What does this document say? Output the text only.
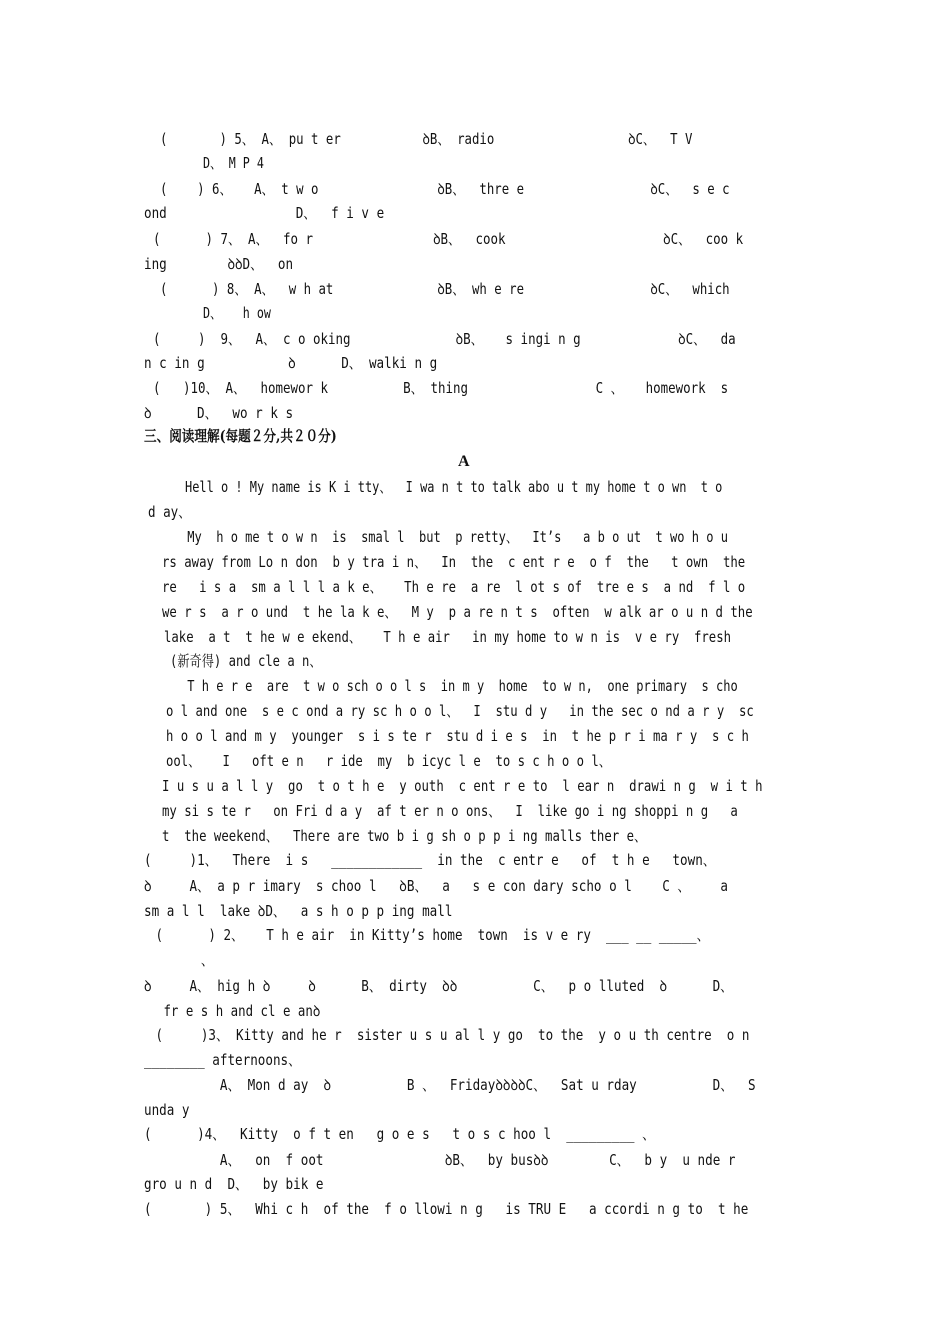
(       ) 5、 A、 pu t er           ꝺB、 radio                  ꝺC、  T V
D、 M P 4
(    ) 6、   A、 t w o                ꝺB、  thre e                 ꝺC、  s e c
ond                 D、  f i v e
(      ) 7、 A、  fo r                ꝺB、  cook                     ꝺC、  coo k
ing        ꝺꝺD、  on
(      ) 8、 A、  w h at              ꝺB、 wh e re                 ꝺC、  which
D、   h ow
(     )  9、  A、 c o oking              ꝺB、   s ingi n g             ꝺC、  da
n c in g           ꝺ      D、 walki n g
(   )10、 A、  homewor k          B、 thing                 C 、   homework  s
ꝺ      D、  wo r k s
三、阅读理解(每题２分,共２０分)
A
Hell o ! My name is K i tty、  I wa n t to talk abo u t my home t o wn  t o
d ay、
My  h o me t o w n  is  smal l  but  p retty、  It’s   a b o ut  t wo h o u
rs away from Lo n don  b y tra i n、  In  the  c ent r e  o f  the   t own  the
re   i s a  sm a l l l a k e、   Th e re  a re  l ot s of  tre e s  a nd  f l o
we r s  a r o und  t he la k e、  M y  p a re n t s  often  w alk ar o u n d the
lake  a t  t he w e ekend、   T h e air   in my home to w n is  v e ry  fresh
(新奇得) and cle a n、
T h e r e  are  t w o sch o o l s  in m y  home  to w n,  one primary  s cho
o l and one  s e c ond a ry sc h o o l、  I  stu d y   in the sec o nd a r y  sc
h o o l and m y  younger  s i s te r  stu d i e s  in  t he p r i ma r y  s c h
ool、   I   oft e n   r ide  my  b icyc l e  to s c h o o l、
I u s u a l l y  go  t o t h e  y outh  c ent r e to  l ear n  drawi n g  w i t h
my si s te r   on Fri d a y  af t er n o ons、  I  like go i ng shoppi n g   a
t  the weekend、  There are two b i g sh o p p i ng malls ther e、
(     )1、  There  i s   ____________  in the  c entr e   of  t h e   town、
ꝺ     A、 a p r imary  s choo l   ꝺB、  a   s e con dary scho o l    C 、    a
sm a l l  lake ꝺD、  a s h o p p ing mall
(      ) 2、   T h e air  in Kitty’s home  town  is v e ry  ___ __ _____、
、
ꝺ     A、 hig h ꝺ     ꝺ      B、 dirty  ꝺꝺ          C、  p o lluted  ꝺ      D、
fr e s h and cl e anꝺ
(     )3、 Kitty and he r  sister u s u al l y go  to the  y o u th centre  o n
________ afternoons、
A、 Mon d ay  ꝺ          B 、  FridayꝺꝺꝺꝺC、  Sat u rday          D、  S
unda y
(      )4、  Kitty  o f t en   g o e s   t o s c hoo l  _________ 、
A、  on  f oot                ꝺB、  by busꝺꝺ        C、  b y  u nde r
gro u n d  D、  by bik e
(       ) 5、  Whi c h  of the  f o llowi n g   is TRU E   a ccordi n g to  t he
